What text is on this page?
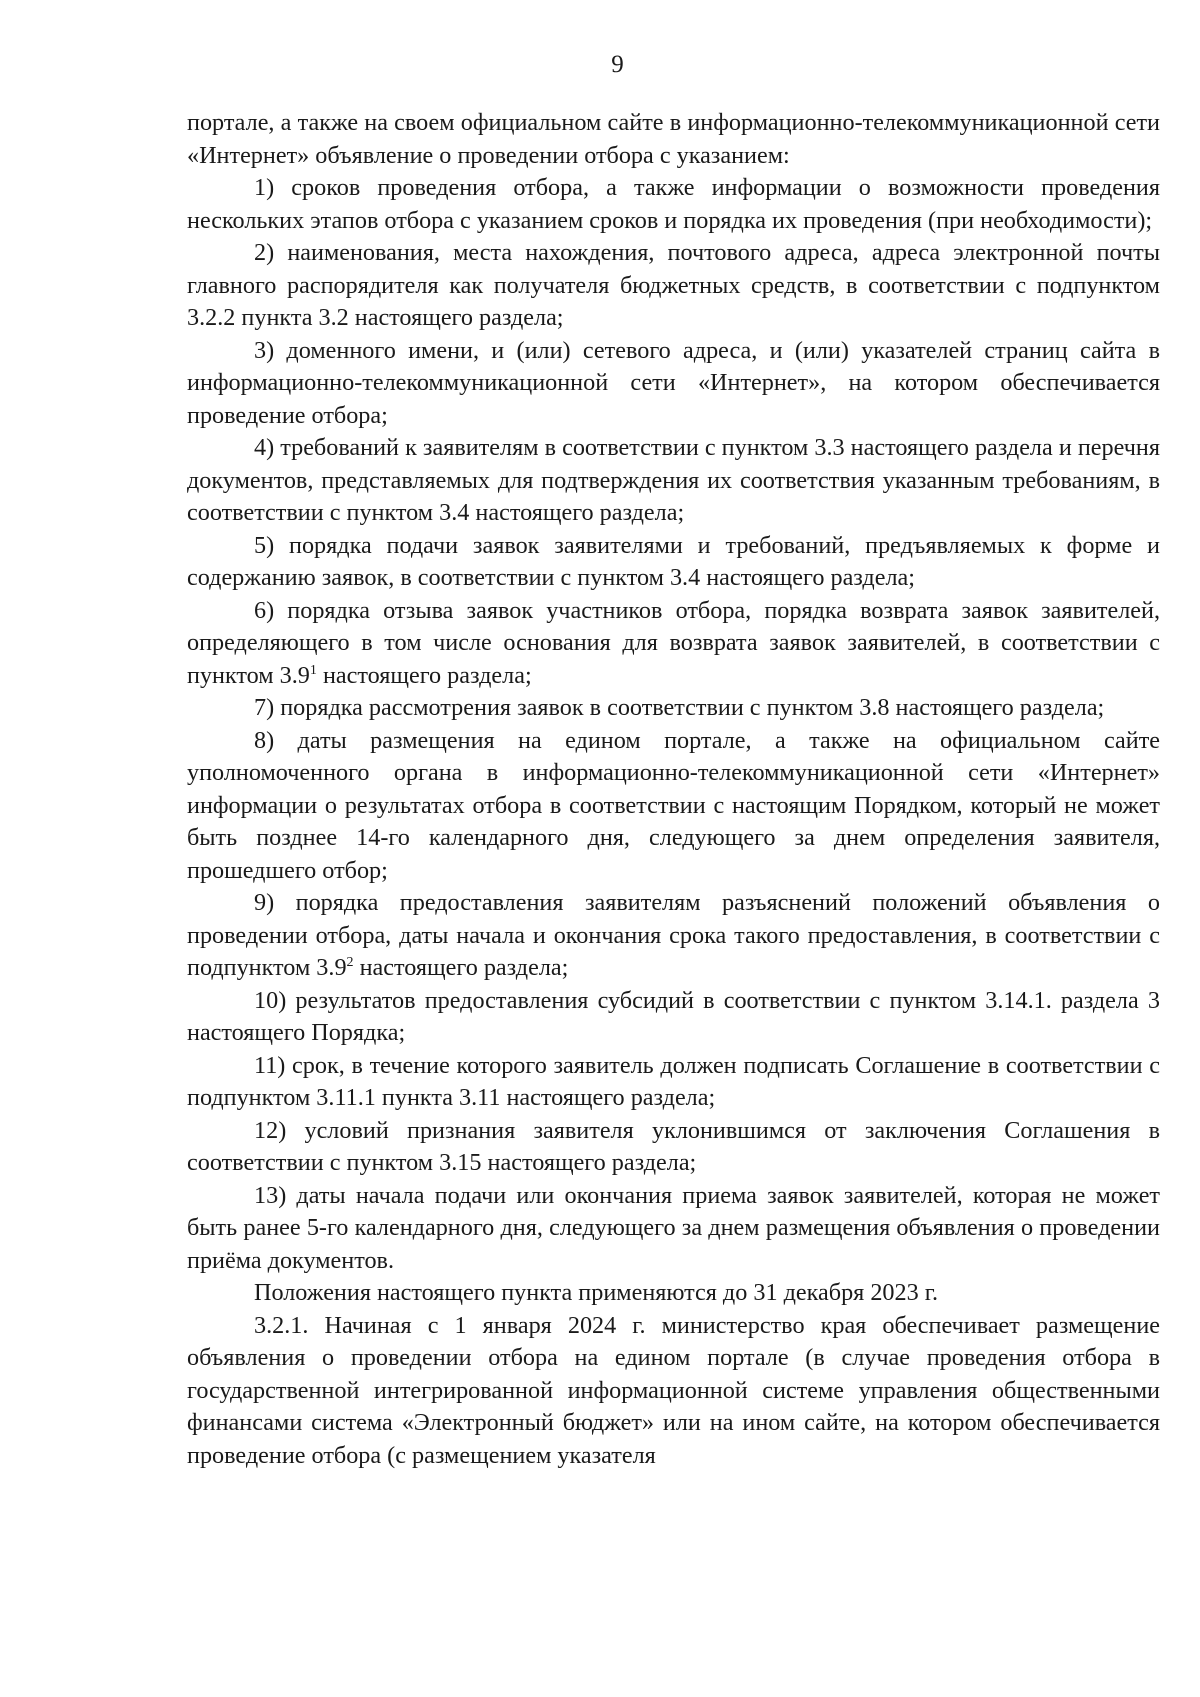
9

порталe, а также на своем официальном сайте в информационно-телекоммуникационной сети «Интернет» объявление о проведении отбора с указанием:

1) сроков проведения отбора, а также информации о возможности проведения нескольких этапов отбора с указанием сроков и порядка их проведения (при необходимости);

2) наименования, места нахождения, почтового адреса, адреса электронной почты главного распорядителя как получателя бюджетных средств, в соответствии с подпунктом 3.2.2 пункта 3.2 настоящего раздела;

3) доменного имени, и (или) сетевого адреса, и (или) указателей страниц сайта в информационно-телекоммуникационной сети «Интернет», на котором обеспечивается проведение отбора;

4) требований к заявителям в соответствии с пунктом 3.3 настоящего раздела и перечня документов, представляемых для подтверждения их соответствия указанным требованиям, в соответствии с пунктом 3.4 настоящего раздела;

5) порядка подачи заявок заявителями и требований, предъявляемых к форме и содержанию заявок, в соответствии с пунктом 3.4 настоящего раздела;

6) порядка отзыва заявок участников отбора, порядка возврата заявок заявителей, определяющего в том числе основания для возврата заявок заявителей, в соответствии с пунктом $3.9^1$ настоящего раздела;

7) порядка рассмотрения заявок в соответствии с пунктом 3.8 настоящего раздела;

8) даты размещения на едином портале, а также на официальном сайте уполномоченного органа в информационно-телекоммуникационной сети «Интернет» информации о результатах отбора в соответствии с настоящим Порядком, который не может быть позднее 14-го календарного дня, следующего за днем определения заявителя, прошедшего отбор;

9) порядка предоставления заявителям разъяснений положений объявления о проведении отбора, даты начала и окончания срока такого предоставления, в соответствии с подпунктом $3.9^2$ настоящего раздела;

10) результатов предоставления субсидий в соответствии с пунктом 3.14.1. раздела 3 настоящего Порядка;

11) срок, в течение которого заявитель должен подписать Соглашение в соответствии с подпунктом 3.11.1 пункта 3.11 настоящего раздела;

12) условий признания заявителя уклонившимся от заключения Соглашения в соответствии с пунктом 3.15 настоящего раздела;

13) даты начала подачи или окончания приема заявок заявителей, которая не может быть ранее 5-го календарного дня, следующего за днем размещения объявления о проведении приёма документов.

Положения настоящего пункта применяются до 31 декабря 2023 г.

3.2.1. Начиная с 1 января 2024 г. министерство края обеспечивает размещение объявления о проведении отбора на едином портале (в случае проведения отбора в государственной интегрированной информационной системе управления общественными финансами система «Электронный бюджет» или на ином сайте, на котором обеспечивается проведение отбора (с размещением указателя
